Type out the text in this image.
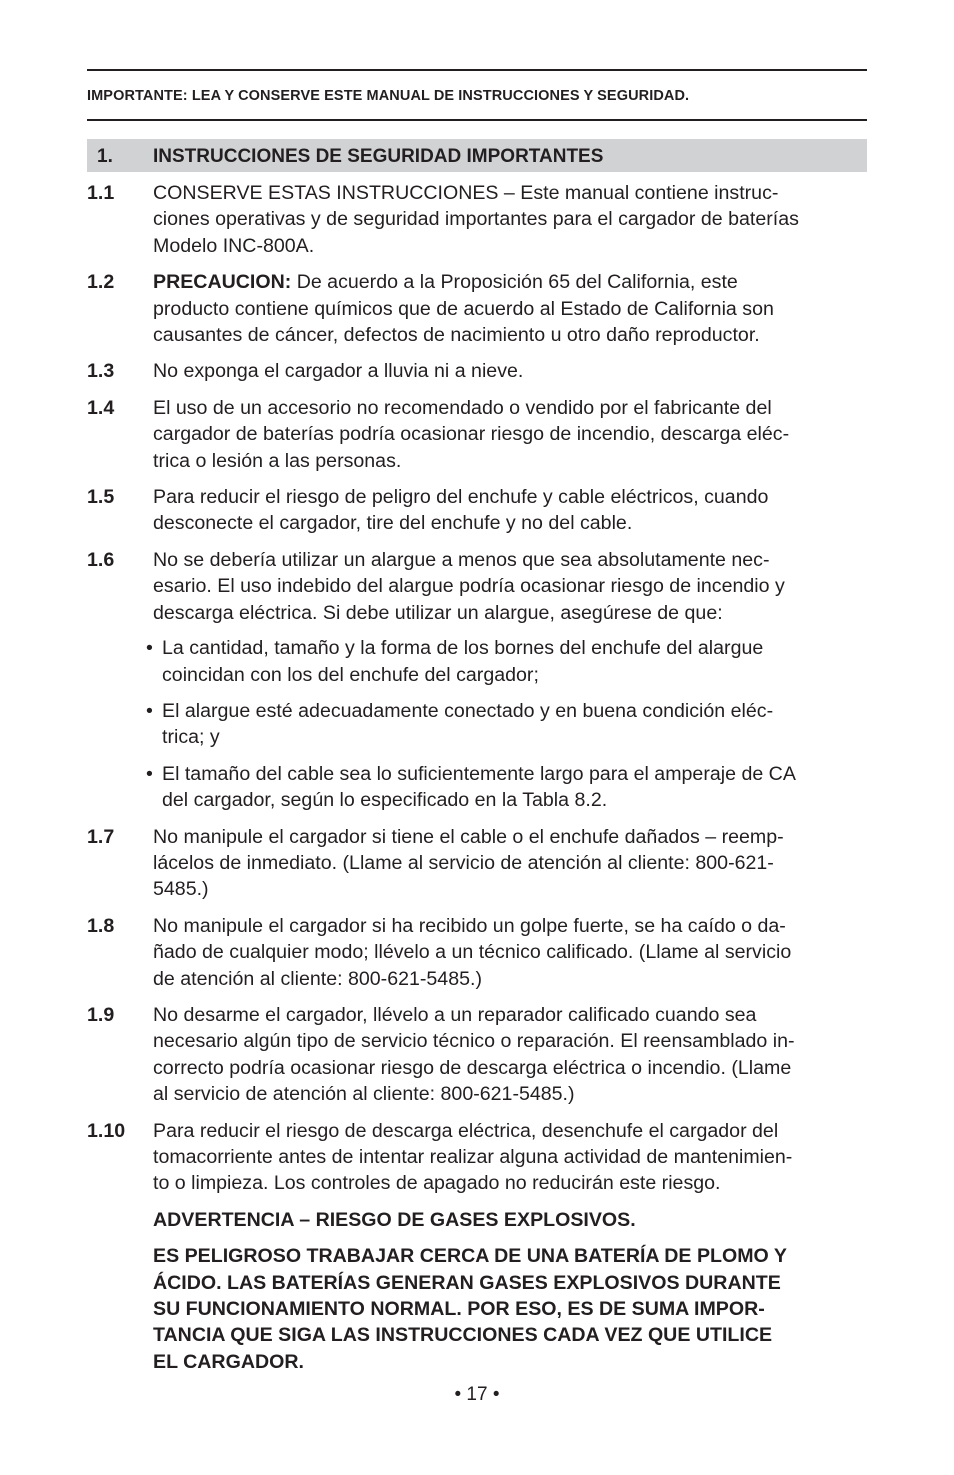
IMPORTANTE: LEA Y CONSERVE ESTE MANUAL DE INSTRUCCIONES Y SEGURIDAD.
1. INSTRUCCIONES DE SEGURIDAD IMPORTANTES
1.1 CONSERVE ESTAS INSTRUCCIONES – Este manual contiene instruc-
ciones operativas y de seguridad importantes para el cargador de baterías
Modelo INC-800A.
1.2 PRECAUCION: De acuerdo a la Proposición 65 del California, este
producto contiene químicos que de acuerdo al Estado de California son
causantes de cáncer, defectos de nacimiento u otro daño reproductor.
1.3 No exponga el cargador a lluvia ni a nieve.
1.4 El uso de un accesorio no recomendado o vendido por el fabricante del
cargador de baterías podría ocasionar riesgo de incendio, descarga eléc-
trica o lesión a las personas.
1.5 Para reducir el riesgo de peligro del enchufe y cable eléctricos, cuando
desconecte el cargador, tire del enchufe y no del cable.
1.6 No se debería utilizar un alargue a menos que sea absolutamente nec-
esario. El uso indebido del alargue podría ocasionar riesgo de incendio y
descarga eléctrica. Si debe utilizar un alargue, asegúrese de que:
• La cantidad, tamaño y la forma de los bornes del enchufe del alargue
coincidan con los del enchufe del cargador;
• El alargue esté adecuadamente conectado y en buena condición eléc-
trica; y
• El tamaño del cable sea lo suficientemente largo para el amperaje de CA
del cargador, según lo especificado en la Tabla 8.2.
1.7 No manipule el cargador si tiene el cable o el enchufe dañados – reemp-
lácelos de inmediato. (Llame al servicio de atención al cliente: 800-621-
5485.)
1.8 No manipule el cargador si ha recibido un golpe fuerte, se ha caído o da-
ñado de cualquier modo; llévelo a un técnico calificado. (Llame al servicio
de atención al cliente: 800-621-5485.)
1.9 No desarme el cargador, llévelo a un reparador calificado cuando sea
necesario algún tipo de servicio técnico o reparación. El reensamblado in-
correcto podría ocasionar riesgo de descarga eléctrica o incendio. (Llame
al servicio de atención al cliente: 800-621-5485.)
1.10 Para reducir el riesgo de descarga eléctrica, desenchufe el cargador del
tomacorriente antes de intentar realizar alguna actividad de mantenimien-
to o limpieza. Los controles de apagado no reducirán este riesgo.
ADVERTENCIA – RIESGO DE GASES EXPLOSIVOS.
ES PELIGROSO TRABAJAR CERCA DE UNA BATERÍA DE PLOMO Y
ÁCIDO. LAS BATERÍAS GENERAN GASES EXPLOSIVOS DURANTE
SU FUNCIONAMIENTO NORMAL. POR ESO, ES DE SUMA IMPOR-
TANCIA QUE SIGA LAS INSTRUCCIONES CADA VEZ QUE UTILICE
EL CARGADOR.
• 17 •
